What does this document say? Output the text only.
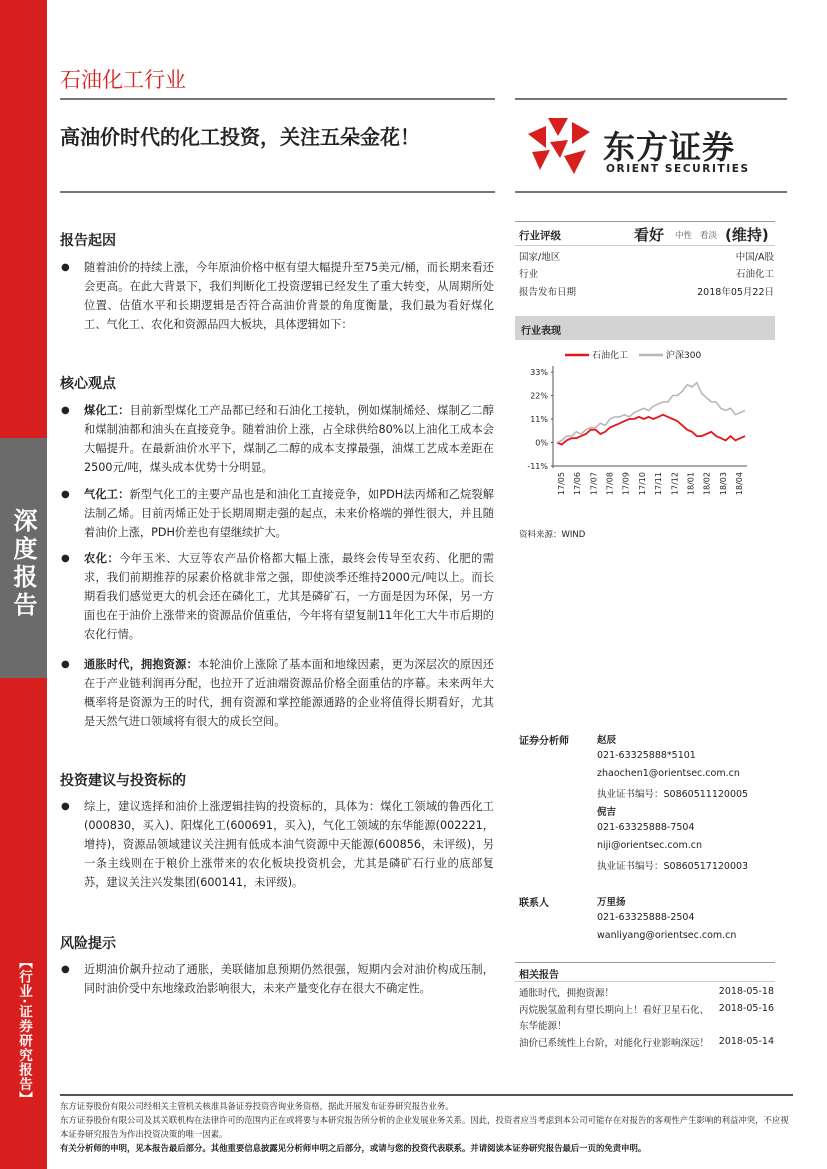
深度报告
【行业·证券研究报告】
石油化工行业
高油价时代的化工投资，关注五朵金花！	东方证券
ORIENT SECURITIES
报告起因
● 随着油价的持续上涨，今年原油价格中枢有望大幅提升至75美元/桶，而长期来看还会更高。在此大背景下，我们判断化工投资逻辑已经发生了重大转变，从周期所处位置、估值水平和长期逻辑是否符合高油价背景的角度衡量，我们最为看好煤化工、气化工、农化和资源品四大板块，具体逻辑如下：
核心观点
● 煤化工：目前新型煤化工产品都已经和石油化工接轨，例如煤制烯烃、煤制乙二醇和煤制油都和油头在直接竞争。随着油价上涨，占全球供给80%以上油化工成本会大幅提升。在最新油价水平下，煤制乙二醇的成本支撑最强，油煤工艺成本差距在2500元/吨，煤头成本优势十分明显。
● 气化工：新型气化工的主要产品也是和油化工直接竞争，如PDH法丙烯和乙烷裂解法制乙烯。目前丙烯正处于长期周期走强的起点，未来价格端的弹性很大，并且随着油价上涨，PDH价差也有望继续扩大。
● 农化：今年玉米、大豆等农产品价格都大幅上涨，最终会传导至农药、化肥的需求，我们前期推荐的尿素价格就非常之强，即使淡季还维持2000元/吨以上。而长期看我们感觉更大的机会还在磷化工，尤其是磷矿石，一方面是因为环保，另一方面也在于油价上涨带来的资源品价值重估，今年将有望复制11年化工大牛市后期的农化行情。
● 通胀时代，拥抱资源：本轮油价上涨除了基本面和地缘因素，更为深层次的原因还在于产业链利润再分配，也拉开了近油端资源品价格全面重估的序幕。未来两年大概率将是资源为王的时代，拥有资源和掌控能源通路的企业将值得长期看好，尤其是天然气进口领域将有很大的成长空间。
投资建议与投资标的
● 综上，建议选择和油价上涨逻辑挂钩的投资标的，具体为：煤化工领域的鲁西化工(000830，买入)、阳煤化工(600691，买入)，气化工领域的东华能源(002221，增持)，资源品领域建议关注拥有低成本油气资源中天能源(600856，未评级)，另一条主线则在于粮价上涨带来的农化板块投资机会，尤其是磷矿石行业的底部复苏，建议关注兴发集团(600141，未评级)。
风险提示
● 近期油价飙升拉动了通胀，美联储加息预期仍然很强，短期内会对油价构成压制，同时油价受中东地缘政治影响很大，未来产量变化存在很大不确定性。
行业评级	看好 中性 看淡 (维持)
国家/地区	中国/A股
行业	石油化工
报告发布日期	2018年05月22日
行业表现
石油化工	沪深300
33%
22%
11%
0%
-11%
17/05 17/06 17/07 17/08 17/09 17/10 17/11 17/12 18/01 18/02 18/03 18/04
资料来源：WIND
证券分析师	赵辰
021-63325888*5101
zhaochen1@orientsec.com.cn
执业证书编号：S0860511120005
倪吉
021-63325888-7504
niji@orientsec.com.cn
执业证书编号：S0860517120003
联系人	万里扬
021-63325888-2504
wanliyang@orientsec.com.cn
相关报告
通胀时代，拥抱资源！	2018-05-18
丙烷脱氢盈利有望长期向上！看好卫星石化、东华能源！
2018-05-16
油价已系统性上台阶，对能化行业影响深远！ 2018-05-14
东方证券股份有限公司经相关主管机关核准具备证券投资咨询业务资格，据此开展发布证券研究报告业务。
东方证券股份有限公司及其关联机构在法律许可的范围内正在或将要与本研究报告所分析的企业发展业务关系。因此，投资者应当考虑到本公司可能存在对报告的客观性产生影响的利益冲突，不应视本证券研究报告为作出投资决策的唯一因素。
有关分析师的申明，见本报告最后部分。其他重要信息披露见分析师申明之后部分，或请与您的投资代表联系。并请阅读本证券研究报告最后一页的免责申明。
